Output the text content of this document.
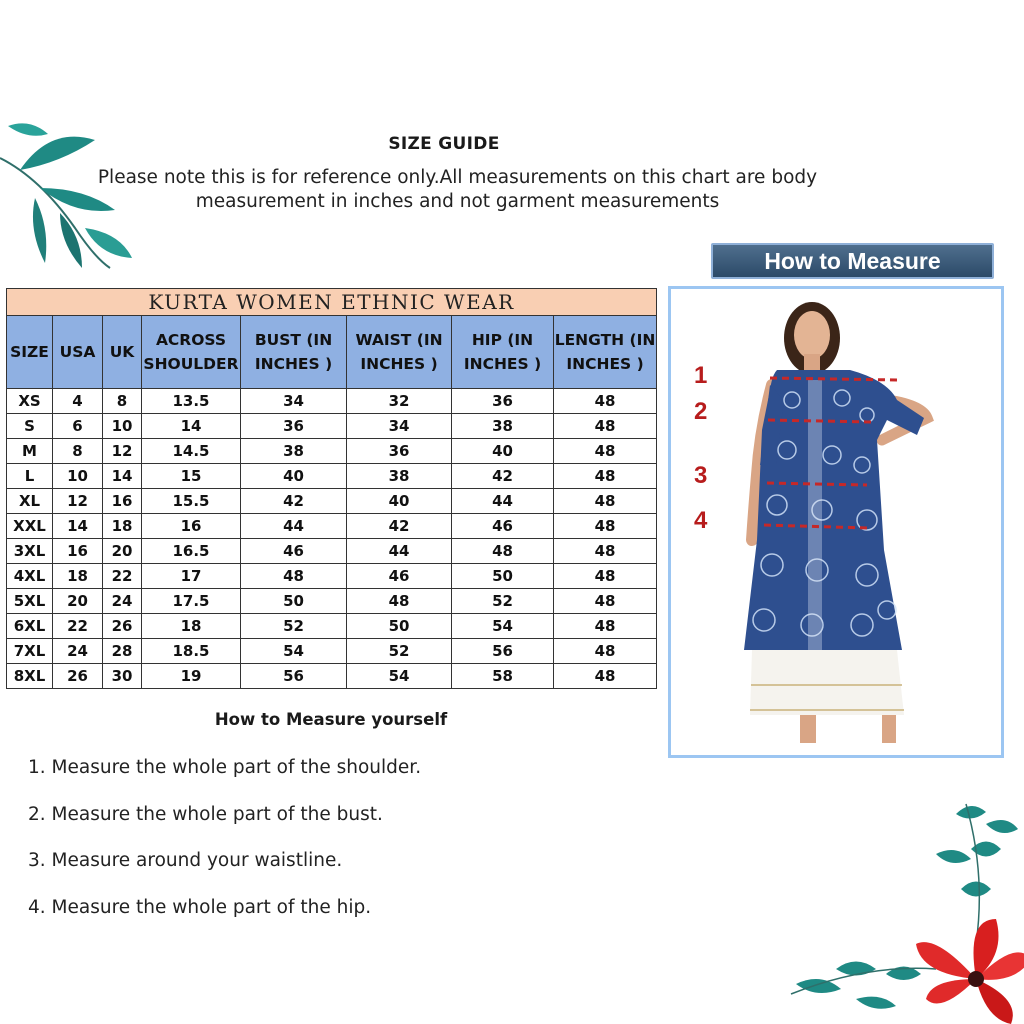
SIZE GUIDE
Please note this is for reference only.All measurements on this chart are body measurement in inches and not garment measurements
How to Measure
KURTA WOMEN ETHNIC WEAR							
SIZE	USA	UK	ACROSS SHOULDER	BUST (IN INCHES )	WAIST (IN INCHES )	HIP (IN INCHES )	LENGTH (IN INCHES )
XS	4	8	13.5	34	32	36	48
S	6	10	14	36	34	38	48
M	8	12	14.5	38	36	40	48
L	10	14	15	40	38	42	48
XL	12	16	15.5	42	40	44	48
XXL	14	18	16	44	42	46	48
3XL	16	20	16.5	46	44	48	48
4XL	18	22	17	48	46	50	48
5XL	20	24	17.5	50	48	52	48
6XL	22	26	18	52	50	54	48
7XL	24	28	18.5	54	52	56	48
8XL	26	30	19	56	54	58	48
How to Measure yourself
1. Measure the whole part of the shoulder.
2. Measure the whole part of the bust.
3. Measure around your waistline.
4. Measure the whole part of the hip.
1
2
3
4
